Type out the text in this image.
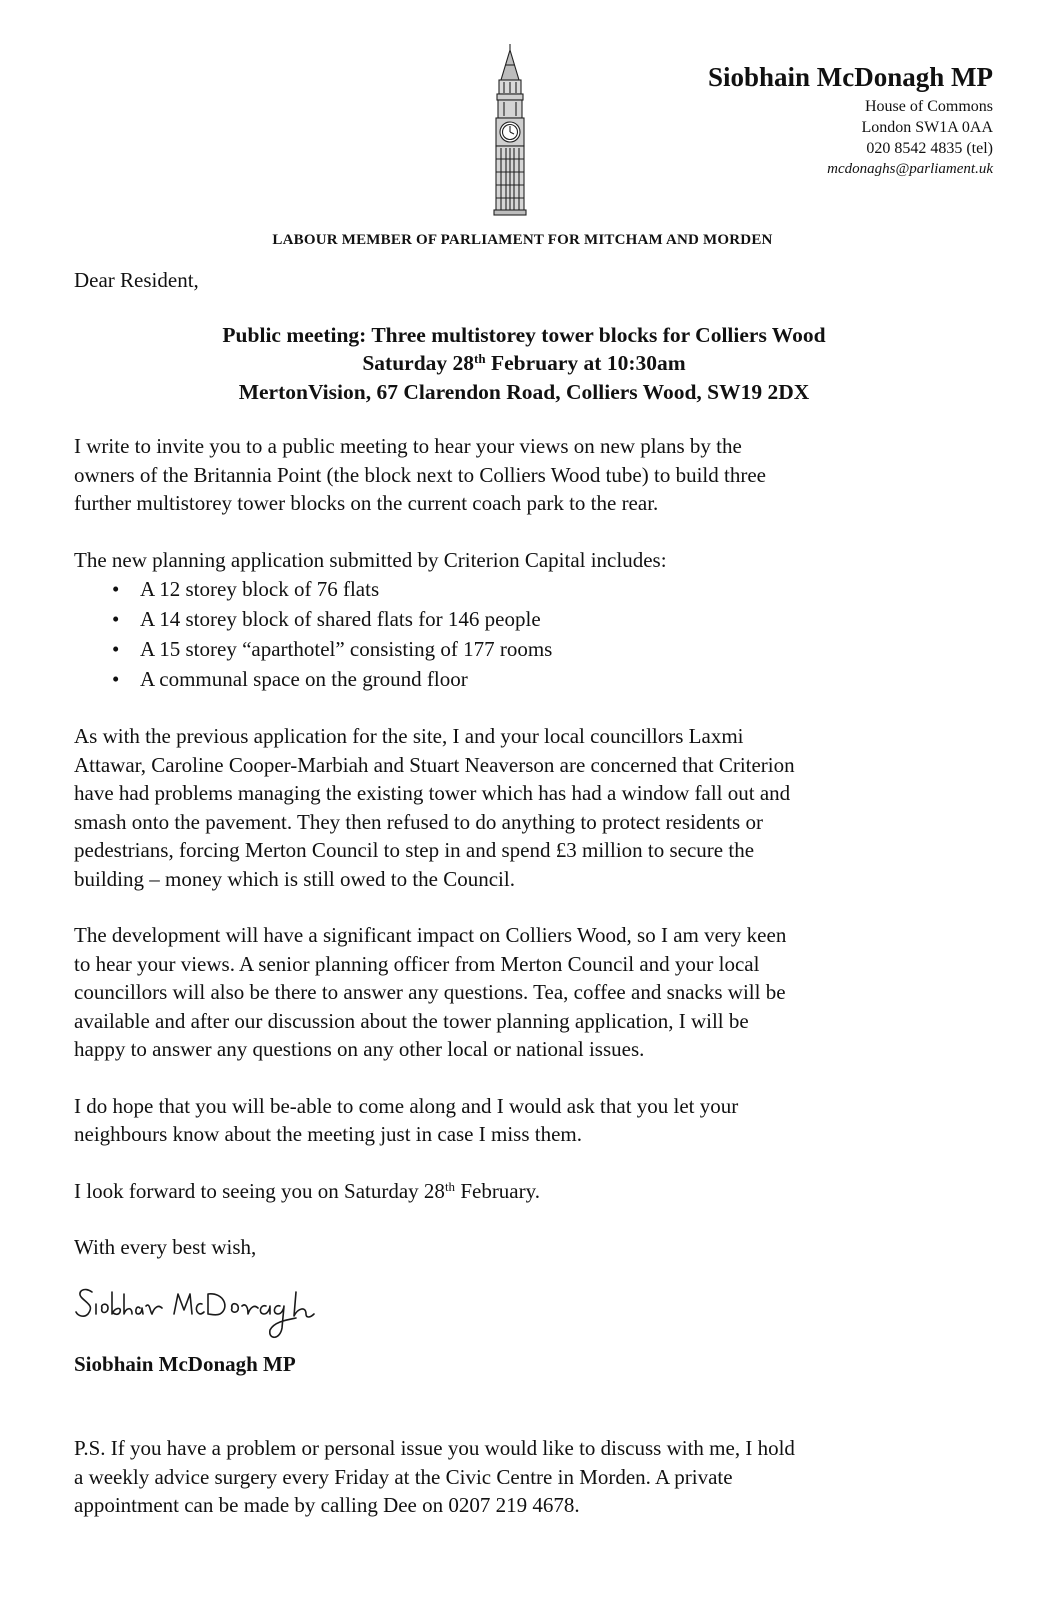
Siobhain McDonagh MP
House of Commons
London SW1A 0AA
020 8542 4835 (tel)
mcdonaghs@parliament.uk
LABOUR MEMBER OF PARLIAMENT FOR MITCHAM AND MORDEN

Dear Resident,

Public meeting: Three multistorey tower blocks for Colliers Wood
Saturday 28th February at 10:30am
MertonVision, 67 Clarendon Road, Colliers Wood, SW19 2DX
I write to invite you to a public meeting to hear your views on new plans by the
owners of the Britannia Point (the block next to Colliers Wood tube) to build three
further multistorey tower blocks on the current coach park to the rear.
The new planning application submitted by Criterion Capital includes:
• A 12 storey block of 76 flats
• A 14 storey block of shared flats for 146 people
• A 15 storey “aparthotel” consisting of 177 rooms
• A communal space on the ground floor
As with the previous application for the site, I and your local councillors Laxmi
Attawar, Caroline Cooper-Marbiah and Stuart Neaverson are concerned that Criterion
have had problems managing the existing tower which has had a window fall out and
smash onto the pavement. They then refused to do anything to protect residents or
pedestrians, forcing Merton Council to step in and spend £3 million to secure the
building – money which is still owed to the Council.
The development will have a significant impact on Colliers Wood, so I am very keen
to hear your views. A senior planning officer from Merton Council and your local
councillors will also be there to answer any questions. Tea, coffee and snacks will be
available and after our discussion about the tower planning application, I will be
happy to answer any questions on any other local or national issues.
I do hope that you will be-able to come along and I would ask that you let your
neighbours know about the meeting just in case I miss them.
I look forward to seeing you on Saturday 28th February.
With every best wish,

Siobhain McDonagh MP

P.S. If you have a problem or personal issue you would like to discuss with me, I hold
a weekly advice surgery every Friday at the Civic Centre in Morden. A private
appointment can be made by calling Dee on 0207 219 4678.
